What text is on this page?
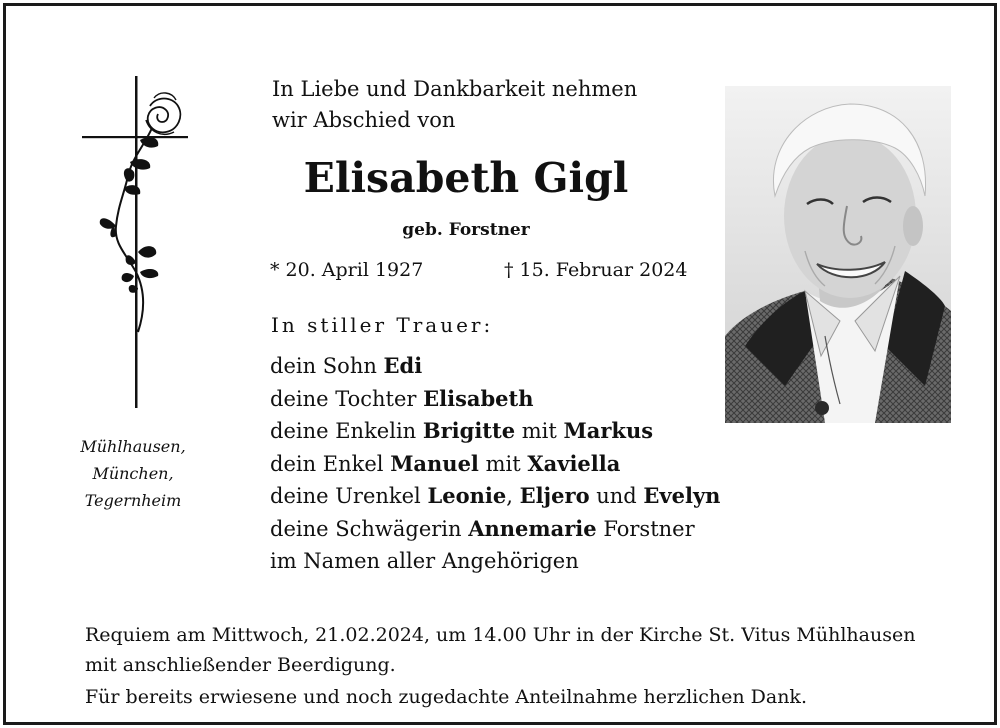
Mühlhausen,
München,
Tegernheim
In Liebe und Dankbarkeit nehmen
wir Abschied von
Elisabeth Gigl
geb. Forstner
* 20. April 1927	† 15. Februar 2024
In stiller Trauer:
dein Sohn Edi
deine Tochter Elisabeth
deine Enkelin Brigitte mit Markus
dein Enkel Manuel mit Xaviella
deine Urenkel Leonie, Eljero und Evelyn
deine Schwägerin Annemarie Forstner
im Namen aller Angehörigen
Requiem am Mittwoch, 21.02.2024, um 14.00 Uhr in der Kirche St. Vitus Mühlhausen
mit anschließender Beerdigung.
Für bereits erwiesene und noch zugedachte Anteilnahme herzlichen Dank.
